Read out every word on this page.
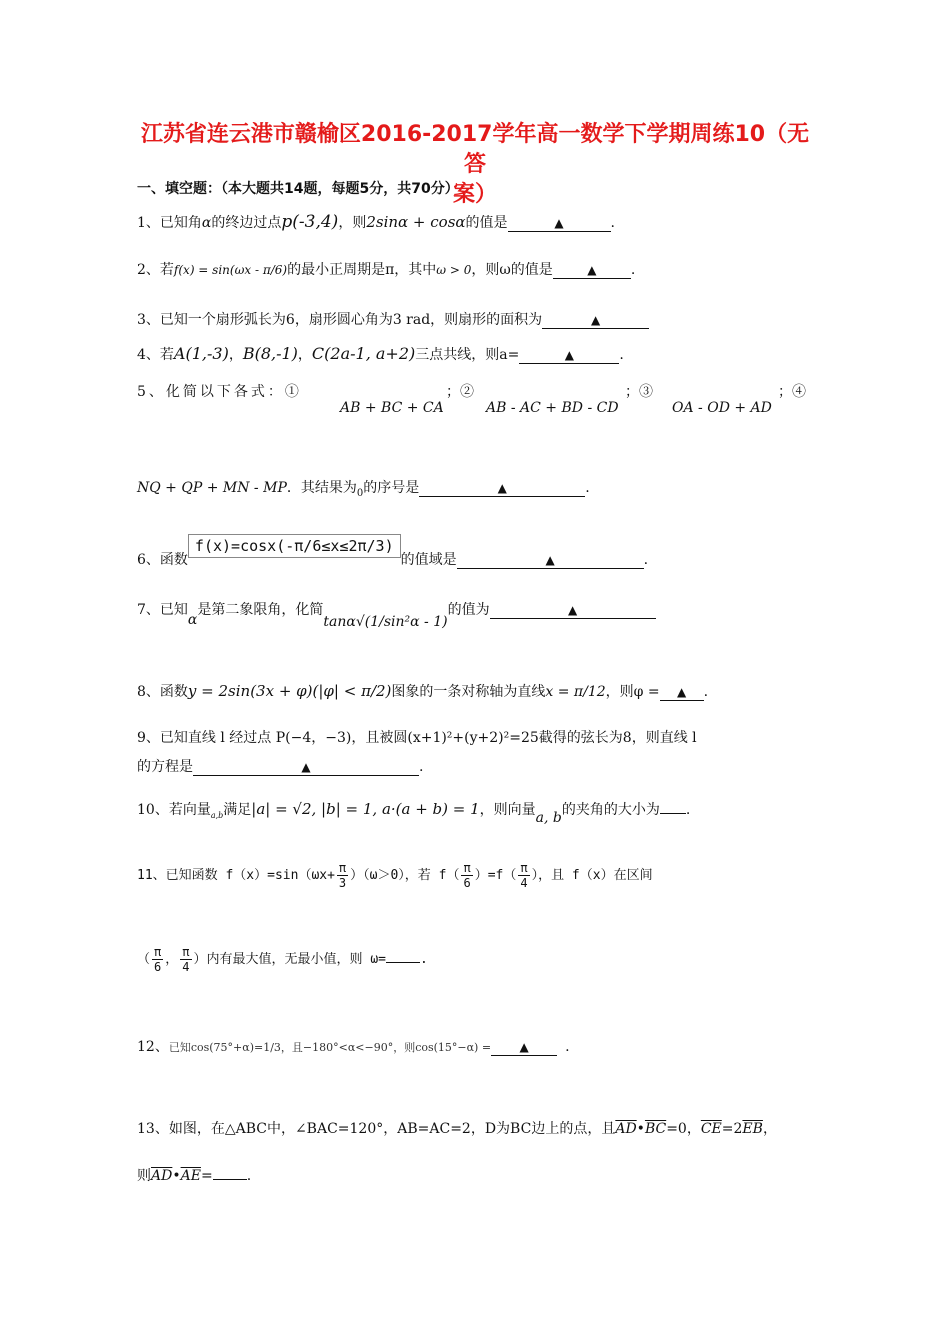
江苏省连云港市赣榆区2016-2017学年高一数学下学期周练10（无答
案）
一、填空题：（本大题共14题，每题5分，共70分）
1、已知角α的终边过点p(-3,4)，则2sinα + cosα的值是	▲	.
2、若f(x) = sin(ωx - π/6)的最小正周期是π，其中ω > 0，则ω的值是	▲ .
3、已知一个扇形弧长为6，扇形圆心角为3 rad，则扇形的面积为	▲
4、若A(1,-3)，B(8,-1)，C(2a-1, a+2)三点共线，则a=	▲	.
5、化简以下各式：①
AB + BC + CA
；②
AB - AC + BD - CD
；③
OA - OD + AD
；④
NQ + QP + MN - MP．其结果为$_0$的序号是	▲	.
6、函数f(x)=cosx(-π/6≤x≤2π/3)的值域是	▲	.
7、已知α是第二象限角，化简tanα√(1/sin²α - 1)的值为	▲
8、函数y = 2sin(3x + φ)(|φ| < π/2)图象的一条对称轴为直线x = π/12，则φ = ▲ .
9、已知直线 l 经过点 P(−4，−3)，且被圆(x+1)²+(y+2)²=25截得的弦长为8，则直线 l
的方程是	▲	.
10、若向量$_{a,b}$满足|a| = √2, |b| = 1, a·(a + b) = 1，则向量a, b的夹角的大小为 .
11、已知函数 $f(x)=\sin(\omega x+ \frac{\pi}{3} )(\omega>0)$，若 $f( \frac{\pi}{6} )=f( \frac{\pi}{4}$ ），且 f（x）在区间
（ $\frac{\pi}{6}$ ， $\frac{\pi}{4}$ ）内有最大值，无最小值，则 ω=	.
12、已知cos(75°+α)=1/3，且−180°<α<−90°，则cos(15°−α) = ▲	.
13、如图，在△ABC中，∠BAC=120°，AB=AC=2，D为BC边上的点，且$\overline{AD}•\overline{BC}=0$，$\overline{CE}=2\overline{EB}$，
则$\overline{AD}•\overline{AE}=$ .
